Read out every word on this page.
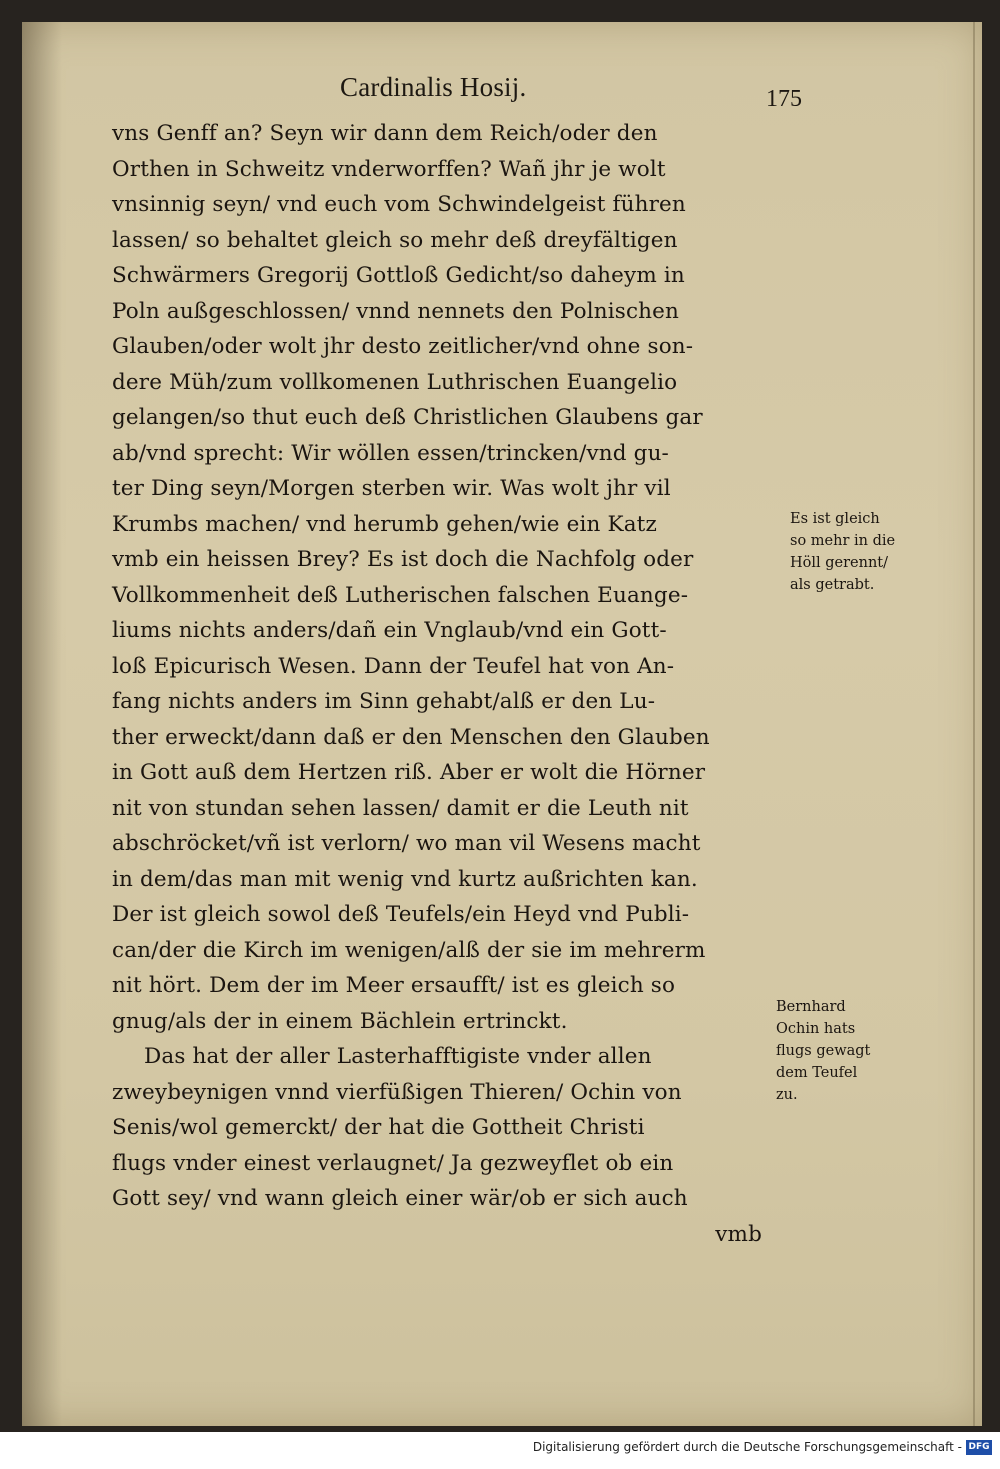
Cardinalis Hosij.	175
vns Genff an? Seyn wir dann dem Reich/oder den
Orthen in Schweitz vnderworffen? Wañ jhr je wolt
vnsinnig seyn/ vnd euch vom Schwindelgeist führen
lassen/ so behaltet gleich so mehr deß dreyfältigen
Schwärmers Gregorij Gottloß Gedicht/so daheym in
Poln außgeschlossen/ vnnd nennets den Polnischen
Glauben/oder wolt jhr desto zeitlicher/vnd ohne son-
dere Müh/zum vollkomenen Luthrischen Euangelio
gelangen/so thut euch deß Christlichen Glaubens gar
ab/vnd sprecht: Wir wöllen essen/trincken/vnd gu-
ter Ding seyn/Morgen sterben wir. Was wolt jhr vil
Krumbs machen/ vnd herumb gehen/wie ein Katz
vmb ein heissen Brey? Es ist doch die Nachfolg oder
Vollkommenheit deß Lutherischen falschen Euange-
liums nichts anders/dañ ein Vnglaub/vnd ein Gott-
loß Epicurisch Wesen. Dann der Teufel hat von An-
fang nichts anders im Sinn gehabt/alß er den Lu-
ther erweckt/dann daß er den Menschen den Glauben
in Gott auß dem Hertzen riß. Aber er wolt die Hörner
nit von stundan sehen lassen/ damit er die Leuth nit
abschröcket/vñ ist verlorn/ wo man vil Wesens macht
in dem/das man mit wenig vnd kurtz außrichten kan.
Der ist gleich sowol deß Teufels/ein Heyd vnd Publi-
can/der die Kirch im wenigen/alß der sie im mehrerm
nit hört. Dem der im Meer ersaufft/ ist es gleich so
gnug/als der in einem Bächlein ertrinckt.
Das hat der aller Lasterhafftigiste vnder allen
zweybeynigen vnnd vierfüßigen Thieren/ Ochin von
Senis/wol gemerckt/ der hat die Gottheit Christi
flugs vnder einest verlaugnet/ Ja gezweyflet ob ein
Gott sey/ vnd wann gleich einer wär/ob er sich auch
vmb
Es ist gleich
so mehr in die
Höll gerennt/
als getrabt.
Bernhard
Ochin hats
flugs gewagt
dem Teufel
zu.
Digitalisierung gefördert durch die Deutsche Forschungsgemeinschaft - DFG
